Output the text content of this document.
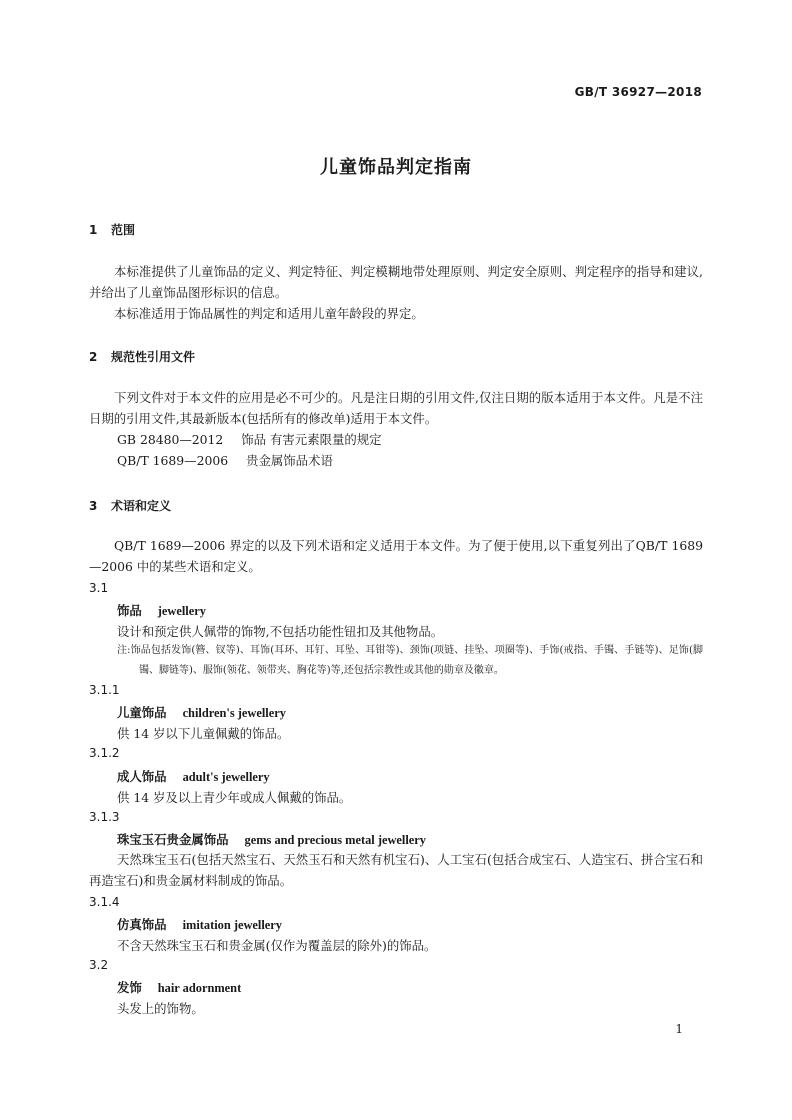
GB/T 36927—2018
儿童饰品判定指南
1 范围

本标准提供了儿童饰品的定义、判定特征、判定模糊地带处理原则、判定安全原则、判定程序的指导和建议,并给出了儿童饰品图形标识的信息。

本标准适用于饰品属性的判定和适用儿童年龄段的界定。

2 规范性引用文件

下列文件对于本文件的应用是必不可少的。凡是注日期的引用文件,仅注日期的版本适用于本文件。凡是不注日期的引用文件,其最新版本(包括所有的修改单)适用于本文件。

GB 28480—2012 饰品 有害元素限量的规定

QB/T 1689—2006 贵金属饰品术语

3 术语和定义

QB/T 1689—2006 界定的以及下列术语和定义适用于本文件。为了便于使用,以下重复列出了QB/T 1689—2006 中的某些术语和定义。

3.1
饰品 jewellery
设计和预定供人佩带的饰物,不包括功能性钮扣及其他物品。

注:饰品包括发饰(簪、钗等)、耳饰(耳环、耳钉、耳坠、耳钳等)、颈饰(项链、挂坠、项圈等)、手饰(戒指、手镯、手链等)、足饰(脚镯、脚链等)、服饰(领花、领带夹、胸花等)等,还包括宗教性或其他的勋章及徽章。

3.1.1
儿童饰品 children's jewellery
供 14 岁以下儿童佩戴的饰品。
3.1.2
成人饰品 adult's jewellery
供 14 岁及以上青少年或成人佩戴的饰品。
3.1.3
珠宝玉石贵金属饰品 gems and precious metal jewellery

天然珠宝玉石(包括天然宝石、天然玉石和天然有机宝石)、人工宝石(包括合成宝石、人造宝石、拼合宝石和再造宝石)和贵金属材料制成的饰品。

3.1.4
仿真饰品 imitation jewellery
不含天然珠宝玉石和贵金属(仅作为覆盖层的除外)的饰品。
3.2
发饰 hair adornment
头发上的饰物。
1
